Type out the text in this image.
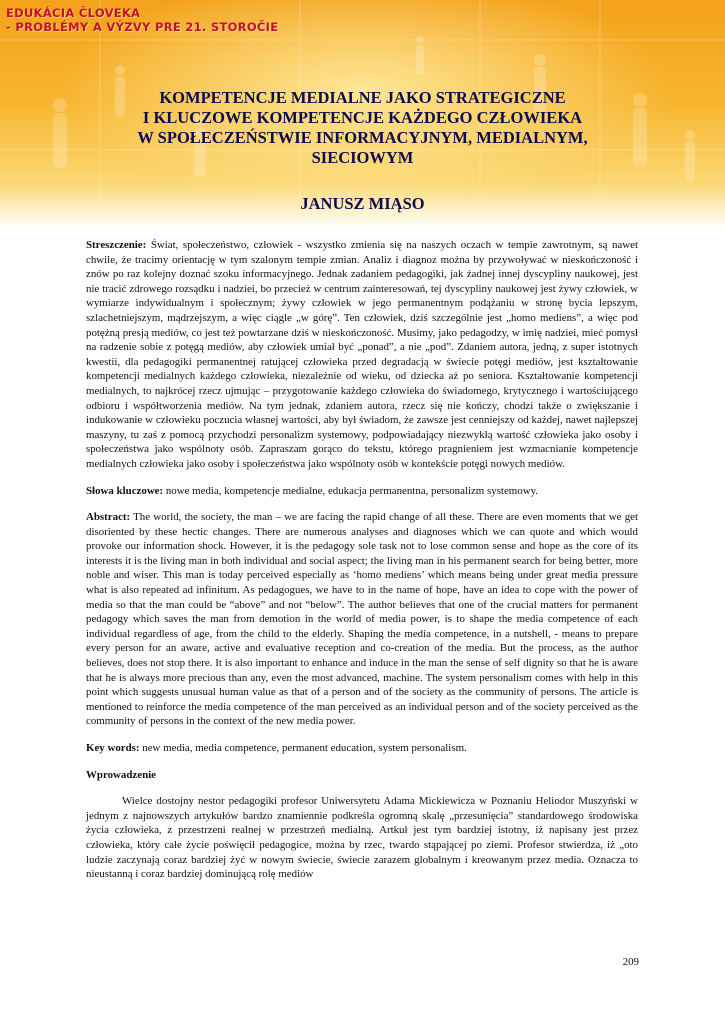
EDUKÁCIA ČLOVEKA
- PROBLÉMY A VÝZVY PRE 21. STOROČIE
KOMPETENCJE MEDIALNE JAKO STRATEGICZNE
I KLUCZOWE KOMPETENCJE KAŻDEGO CZŁOWIEKA
W SPOŁECZEŃSTWIE INFORMACYJNYM, MEDIALNYM,
SIECIOWYM
JANUSZ MIĄSO

Streszczenie: Świat, społeczeństwo, człowiek - wszystko zmienia się na naszych oczach w tempie zawrotnym, są nawet chwile, że tracimy orientację w tym szalonym tempie zmian. Analiz i diagnoz można by przywoływać w nieskończoność i znów po raz kolejny doznać szoku informacyjnego. Jednak zadaniem pedagogiki, jak żadnej innej dyscypliny naukowej, jest nie tracić zdrowego rozsądku i nadziei, bo przecież w centrum zainteresowań, tej dyscypliny naukowej jest żywy człowiek, w wymiarze indywidualnym i społecznym; żywy człowiek w jego permanentnym podążaniu w stronę bycia lepszym, szlachetniejszym, mądrzejszym, a więc ciągle „w górę”. Ten człowiek, dziś szczególnie jest „homo mediens”, a więc pod potężną presją mediów, co jest też powtarzane dziś w nieskończoność. Musimy, jako pedagodzy, w imię nadziei, mieć pomysł na radzenie sobie z potęgą mediów, aby człowiek umiał być „ponad”, a nie „pod”. Zdaniem autora, jedną, z super istotnych kwestii, dla pedagogiki permanentnej ratującej człowieka przed degradacją w świecie potęgi mediów, jest kształtowanie kompetencji medialnych każdego człowieka, niezależnie od wieku, od dziecka aż po seniora. Kształtowanie kompetencji medialnych, to najkrócej rzecz ujmując – przygotowanie każdego człowieka do świadomego, krytycznego i wartościującego odbioru i współtworzenia mediów. Na tym jednak, zdaniem autora, rzecz się nie kończy, chodzi także o zwiększanie i indukowanie w człowieku poczucia własnej wartości, aby był świadom, że zawsze jest cenniejszy od każdej, nawet najlepszej maszyny, tu zaś z pomocą przychodzi personalizm systemowy, podpowiadający niezwykłą wartość człowieka jako osoby i społeczeństwa jako wspólnoty osób. Zapraszam gorąco do tekstu, którego pragnieniem jest wzmacnianie kompetencje medialnych człowieka jako osoby i społeczeństwa jako wspólnoty osób w kontekście potęgi nowych mediów.

Słowa kluczowe: nowe media, kompetencje medialne, edukacja permanentna, personalizm systemowy.

Abstract: The world, the society, the man – we are facing the rapid change of all these. There are even moments that we get disoriented by these hectic changes. There are numerous analyses and diagnoses which we can quote and which would provoke our information shock. However, it is the pedagogy sole task not to lose common sense and hope as the core of its interests it is the living man in both individual and social aspect; the living man in his permanent search for being better, more noble and wiser. This man is today perceived especially as ‘homo mediens’ which means being under great media pressure what is also repeated ad infinitum. As pedagogues, we have to in the name of hope, have an idea to cope with the power of media so that the man could be “above” and not “below”. The author believes that one of the crucial matters for permanent pedagogy which saves the man from demotion in the world of media power, is to shape the media competence of each individual regardless of age, from the child to the elderly. Shaping the media competence, in a nutshell, - means to prepare every person for an aware, active and evaluative reception and co-creation of the media. But the process, as the author believes, does not stop there. It is also important to enhance and induce in the man the sense of self dignity so that he is aware that he is always more precious than any, even the most advanced, machine. The system personalism comes with help in this point which suggests unusual human value as that of a person and of the society as the community of persons. The article is mentioned to reinforce the media competence of the man perceived as an individual person and of the society perceived as the community of persons in the context of the new media power.

Key words: new media, media competence, permanent education, system personalism.

Wprowadzenie

Wielce dostojny nestor pedagogiki profesor Uniwersytetu Adama Mickiewicza w Poznaniu Heliodor Muszyński w jednym z najnowszych artykułów bardzo znamiennie podkreśla ogromną skalę „przesunięcia” standardowego środowiska życia człowieka, z przestrzeni realnej w przestrzeń medialną. Artkuł jest tym bardziej istotny, iż napisany jest przez człowieka, który całe życie poświęcił pedagogice, można by rzec, twardo stąpającej po ziemi. Profesor stwierdza, iż „oto ludzie zaczynają coraz bardziej żyć w nowym świecie, świecie zarazem globalnym i kreowanym przez media. Oznacza to nieustanną i coraz bardziej dominującą rolę mediów

209
